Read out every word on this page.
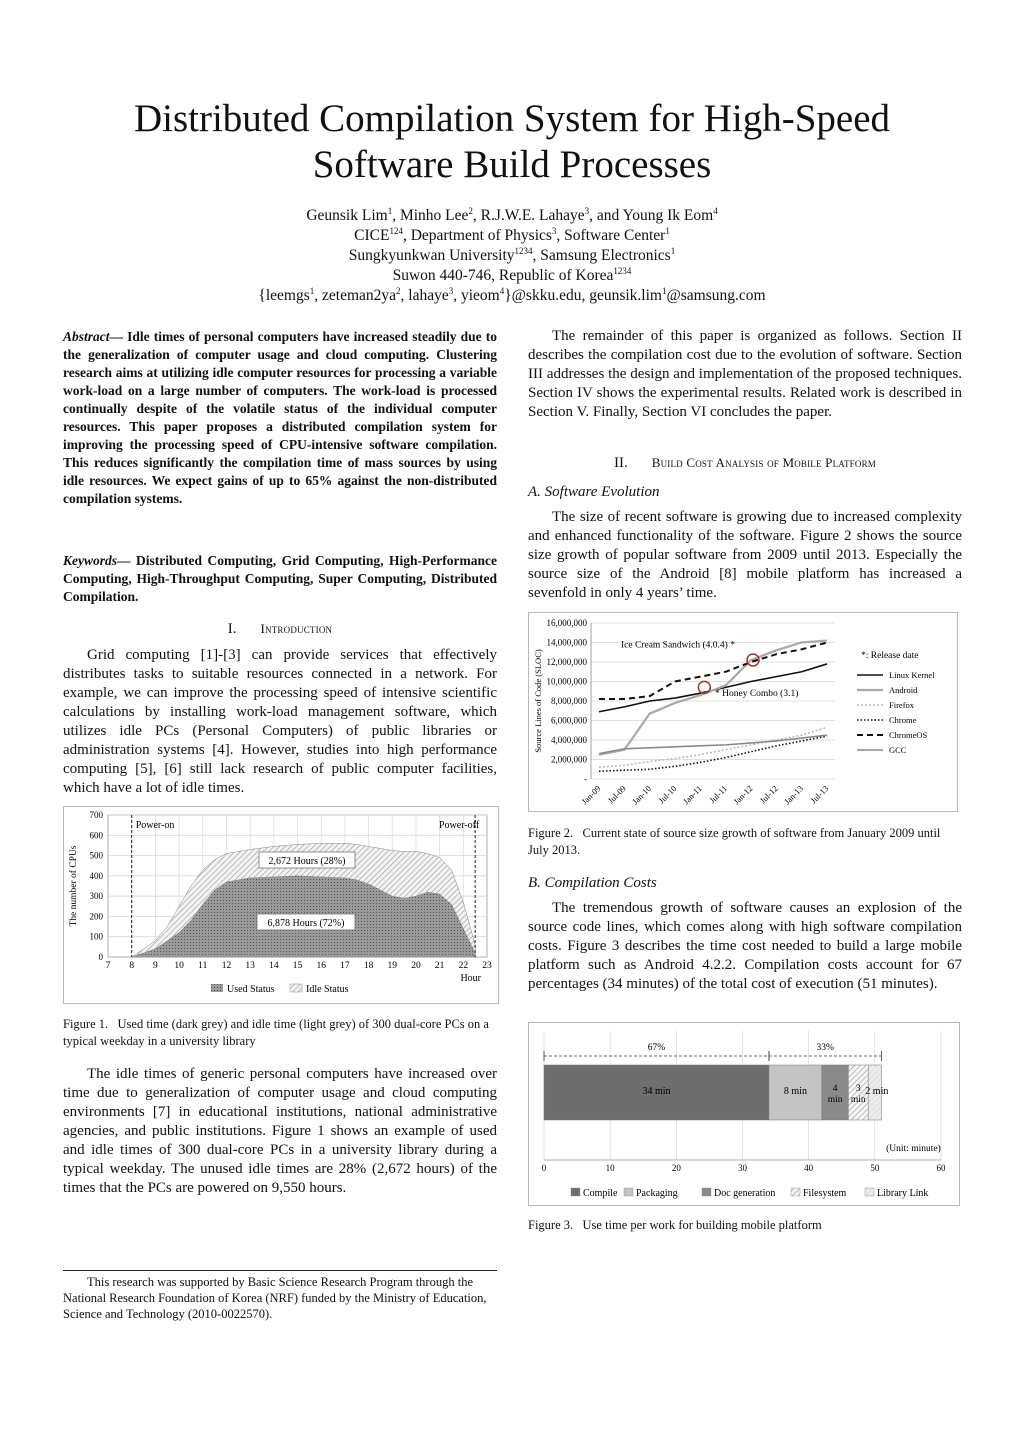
Distributed Compilation System for High-Speed
Software Build Processes
Geunsik Lim$^1$, Minho Lee$^2$, R.J.W.E. Lahaye$^3$, and Young Ik Eom$^4$
CICE$^{124}$, Department of Physics$^3$, Software Center$^1$
Sungkyunkwan University$^{1234}$, Samsung Electronics$^1$
Suwon 440-746, Republic of Korea$^{1234}$
{leemgs$^1$, $zeteman2ya^2$, lahaye$^3$, yieom$^4$}@skku.edu, $geunsik.\lim^1@samsung.com$
Abstract— Idle times of personal computers have increased steadily due to the generalization of computer usage and cloud computing. Clustering research aims at utilizing idle computer resources for processing a variable work-load on a large number of computers. The work-load is processed continually despite of the volatile status of the individual computer resources. This paper proposes a distributed compilation system for improving the processing speed of CPU-intensive software compilation. This reduces significantly the compilation time of mass sources by using idle resources. We expect gains of up to 65% against the non-distributed compilation systems.
Keywords— Distributed Computing, Grid Computing, High-Performance Computing, High-Throughput Computing, Super Computing, Distributed Compilation.
I. Introduction

Grid computing [1]-[3] can provide services that effectively distributes tasks to suitable resources connected in a network. For example, we can improve the processing speed of intensive scientific calculations by installing work-load management software, which utilizes idle PCs (Personal Computers) of public libraries or administration systems [4]. However, studies into high performance computing [5], [6] still lack research of public computer facilities, which have a lot of idle times.

0
100
200
300
400
500
600
700
7 8 9 10 11 12 13 14 15 16 17 18 19 20 21 22 23
Power-on	Power-off
2,672 Hours (28%)
6,878 Hours (72%)
The number of CPUs
Hour
Used Status	Idle Status
Figure 1. Used time (dark grey) and idle time (light grey) of 300 dual-core PCs on a typical weekday in a university library

The idle times of generic personal computers have increased over time due to generalization of computer usage and cloud computing environments [7] in educational institutions, national administrative agencies, and public institutions. Figure 1 shows an example of used and idle times of 300 dual-core PCs in a university library during a typical weekday. The unused idle times are 28% (2,672 hours) of the times that the PCs are powered on 9,550 hours.

This research was supported by Basic Science Research Program through the National Research Foundation of Korea (NRF) funded by the Ministry of Education, Science and Technology (2010-0022570).

The remainder of this paper is organized as follows. Section II describes the compilation cost due to the evolution of software. Section III addresses the design and implementation of the proposed techniques. Section IV shows the experimental results. Related work is described in Section V. Finally, Section VI concludes the paper.

II. Build Cost Analysis of Mobile Platform
A. Software Evolution

The size of recent software is growing due to increased complexity and enhanced functionality of the software. Figure 2 shows the source size growth of popular software from 2009 until 2013. Especially the source size of the Android [8] mobile platform has increased a sevenfold in only 4 years’ time.

-
2,000,000
4,000,000
6,000,000
8,000,000
10,000,000
12,000,000
14,000,000
16,000,000
Jan-09 Jul-09 Jan-10 Jul-10 Jan-11 Jul-11 Jan-12 Jul-12 Jan-13 Jul-13
Ice Cream Sandwich (4.0.4) *
* Honey Combo (3.1)
Source Lines of Code (SLOC)	*: Release date
Linux Kernel
Android
Firefox
Chrome
ChromeOS
GCC
Figure 2. Current state of source size growth of software from January 2009 until July 2013.
B. Compilation Costs

The tremendous growth of software causes an explosion of the source code lines, which comes along with high software compilation costs. Figure 3 describes the time cost needed to build a large mobile platform such as Android 4.2.2. Compilation costs account for 67 percentages (34 minutes) of the total cost of execution (51 minutes).

0	10	20	30	40	50	60
34 min	8 min	4
min
3
min
2 min
67%	33%
(Unit: minute)
Compile Packaging	Doc generation	Filesystem	Library Link
Figure 3. Use time per work for building mobile platform
